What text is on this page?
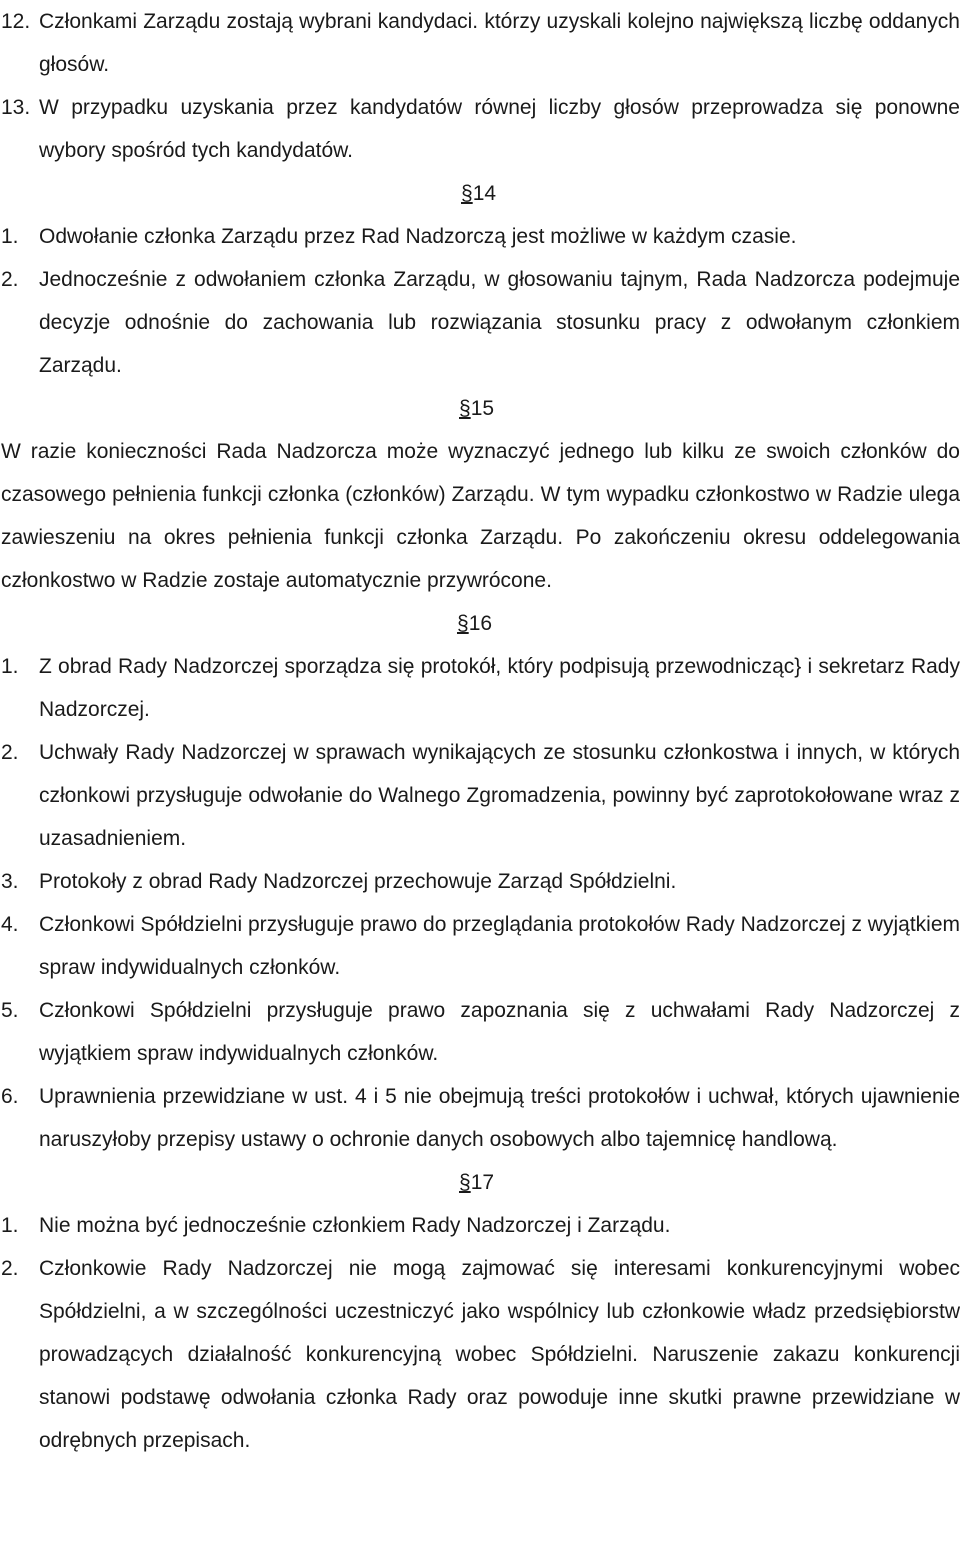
12. Członkami Zarządu zostają wybrani kandydaci. którzy uzyskali kolejno największą liczbę oddanych głosów.
13. W przypadku uzyskania przez kandydatów równej liczby głosów przeprowadza się ponowne wybory spośród tych kandydatów.
§14
1. Odwołanie członka Zarządu przez Rad Nadzorczą jest możliwe w każdym czasie.
2. Jednocześnie z odwołaniem członka Zarządu, w głosowaniu tajnym, Rada Nadzorcza podejmuje decyzje odnośnie do zachowania lub rozwiązania stosunku pracy z odwołanym członkiem Zarządu.
§15

W razie konieczności Rada Nadzorcza może wyznaczyć jednego lub kilku ze swoich członków do czasowego pełnienia funkcji członka (członków) Zarządu. W tym wypadku członkostwo w Radzie ulega zawieszeniu na okres pełnienia funkcji członka Zarządu. Po zakończeniu okresu oddelegowania członkostwo w Radzie zostaje automatycznie przywrócone.

§16
1. Z obrad Rady Nadzorczej sporządza się protokół, który podpisują przewodnicząc} i sekretarz Rady Nadzorczej.
2. Uchwały Rady Nadzorczej w sprawach wynikających ze stosunku członkostwa i innych, w których członkowi przysługuje odwołanie do Walnego Zgromadzenia, powinny być zaprotokołowane wraz z uzasadnieniem.
3. Protokoły z obrad Rady Nadzorczej przechowuje Zarząd Spółdzielni.
4. Członkowi Spółdzielni przysługuje prawo do przeglądania protokołów Rady Nadzorczej z wyjątkiem spraw indywidualnych członków.
5. Członkowi Spółdzielni przysługuje prawo zapoznania się z uchwałami Rady Nadzorczej z wyjątkiem spraw indywidualnych członków.
6. Uprawnienia przewidziane w ust. 4 i 5 nie obejmują treści protokołów i uchwał, których ujawnienie naruszyłoby przepisy ustawy o ochronie danych osobowych albo tajemnicę handlową.
§17
1. Nie można być jednocześnie członkiem Rady Nadzorczej i Zarządu.
2. Członkowie Rady Nadzorczej nie mogą zajmować się interesami konkurencyjnymi wobec Spółdzielni, a w szczególności uczestniczyć jako wspólnicy lub członkowie władz przedsiębiorstw prowadzących działalność konkurencyjną wobec Spółdzielni. Naruszenie zakazu konkurencji stanowi podstawę odwołania członka Rady oraz powoduje inne skutki prawne przewidziane w odrębnych przepisach.
